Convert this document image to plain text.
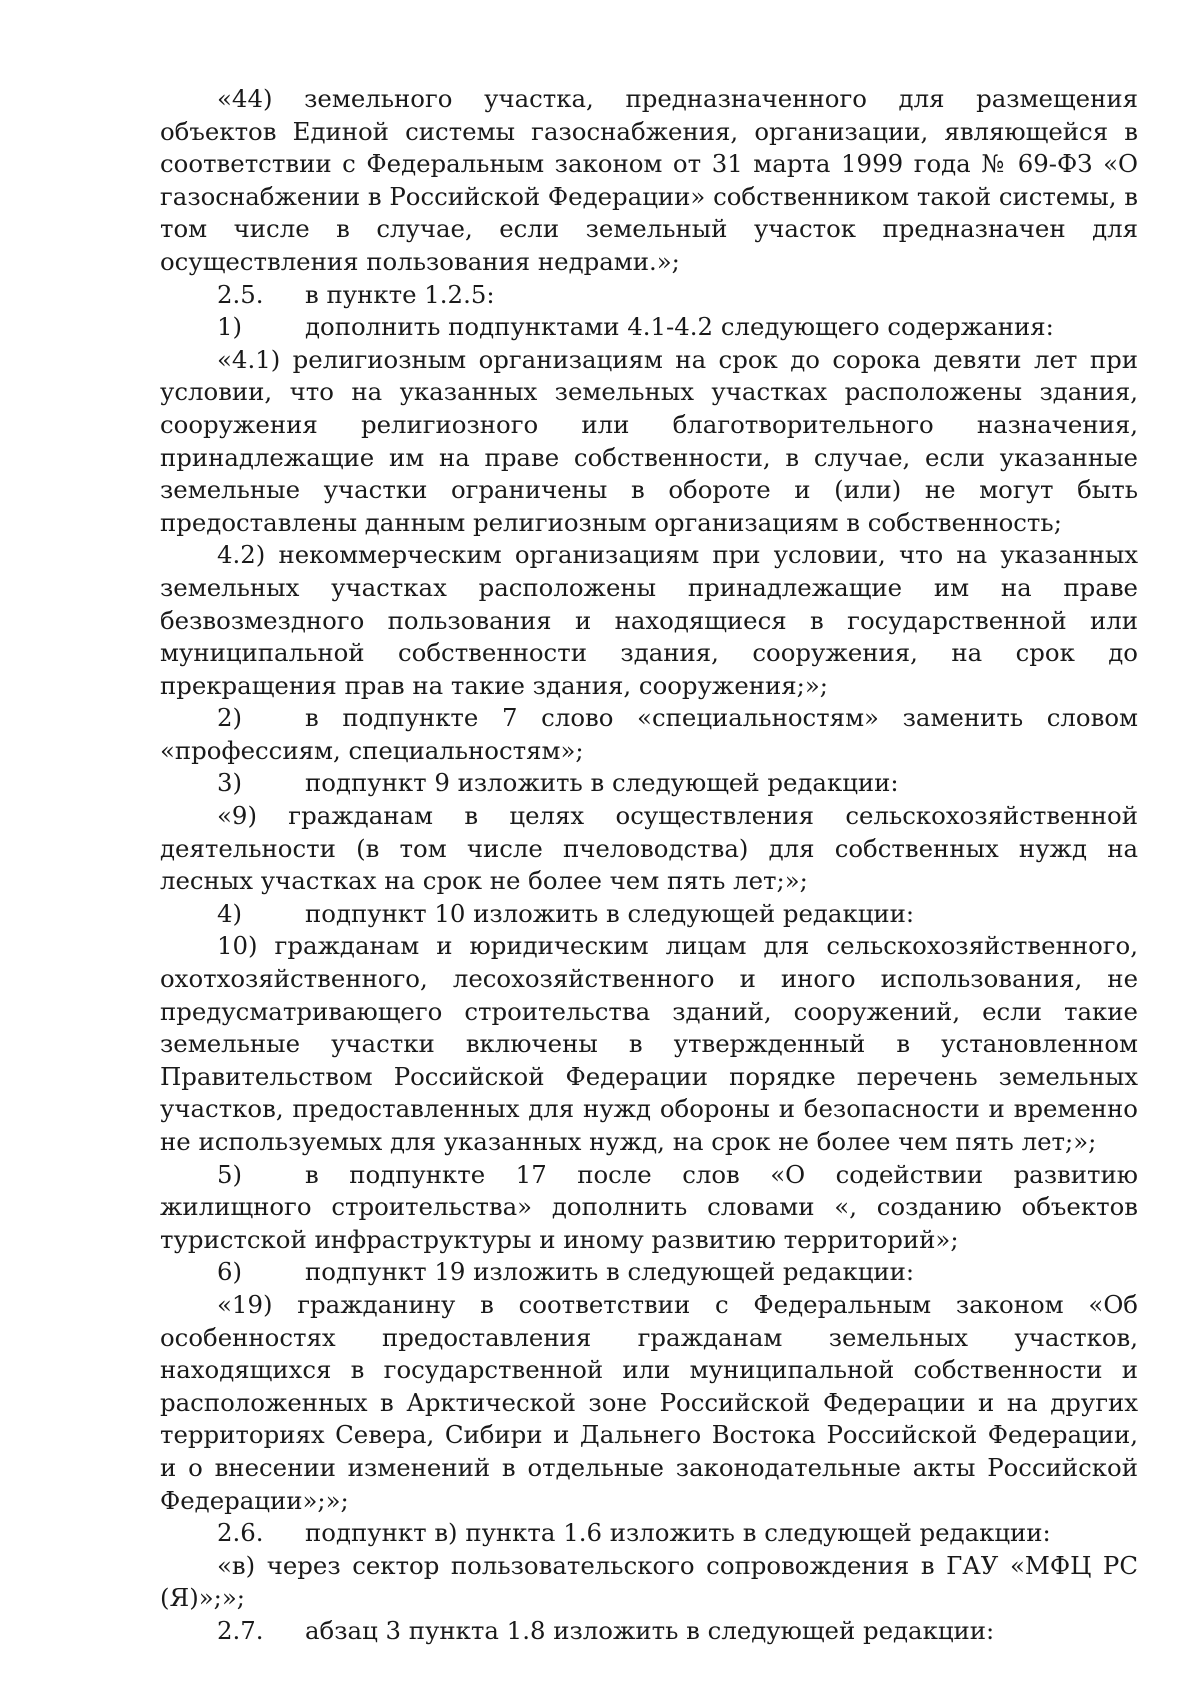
«44) земельного участка, предназначенного для размещения объектов Единой системы газоснабжения, организации, являющейся в соответствии с Федеральным законом от 31 марта 1999 года № 69-ФЗ «О газоснабжении в Российской Федерации» собственником такой системы, в том числе в случае, если земельный участок предназначен для осуществления пользования недрами.»;

2.5.	в пункте 1.2.5:
1)	дополнить подпунктами 4.1-4.2 следующего содержания:

«4.1) религиозным организациям на срок до сорока девяти лет при условии, что на указанных земельных участках расположены здания, сооружения религиозного или благотворительного назначения, принадлежащие им на праве собственности, в случае, если указанные земельные участки ограничены в обороте и (или) не могут быть предоставлены данным религиозным организациям в собственность;

4.2) некоммерческим организациям при условии, что на указанных земельных участках расположены принадлежащие им на праве безвозмездного пользования и находящиеся в государственной или муниципальной собственности здания, сооружения, на срок до прекращения прав на такие здания, сооружения;»;

2)	в подпункте 7 слово «специальностям» заменить словом «профессиям, специальностям»;

3)	подпункт 9 изложить в следующей редакции:

«9) гражданам в целях осуществления сельскохозяйственной деятельности (в том числе пчеловодства) для собственных нужд на лесных участках на срок не более чем пять лет;»;

4)	подпункт 10 изложить в следующей редакции:

10) гражданам и юридическим лицам для сельскохозяйственного, охотхозяйственного, лесохозяйственного и иного использования, не предусматривающего строительства зданий, сооружений, если такие земельные участки включены в утвержденный в установленном Правительством Российской Федерации порядке перечень земельных участков, предоставленных для нужд обороны и безопасности и временно не используемых для указанных нужд, на срок не более чем пять лет;»;

5)	в подпункте 17 после слов «О содействии развитию жилищного строительства» дополнить словами «, созданию объектов туристской инфраструктуры и иному развитию территорий»;

6)	подпункт 19 изложить в следующей редакции:

«19) гражданину в соответствии с Федеральным законом «Об особенностях предоставления гражданам земельных участков, находящихся в государственной или муниципальной собственности и расположенных в Арктической зоне Российской Федерации и на других территориях Севера, Сибири и Дальнего Востока Российской Федерации, и о внесении изменений в отдельные законодательные акты Российской Федерации»;»;

2.6.	подпункт в) пункта 1.6 изложить в следующей редакции:

«в) через сектор пользовательского сопровождения в ГАУ «МФЦ РС (Я)»;»;

2.7.	абзац 3 пункта 1.8 изложить в следующей редакции:
